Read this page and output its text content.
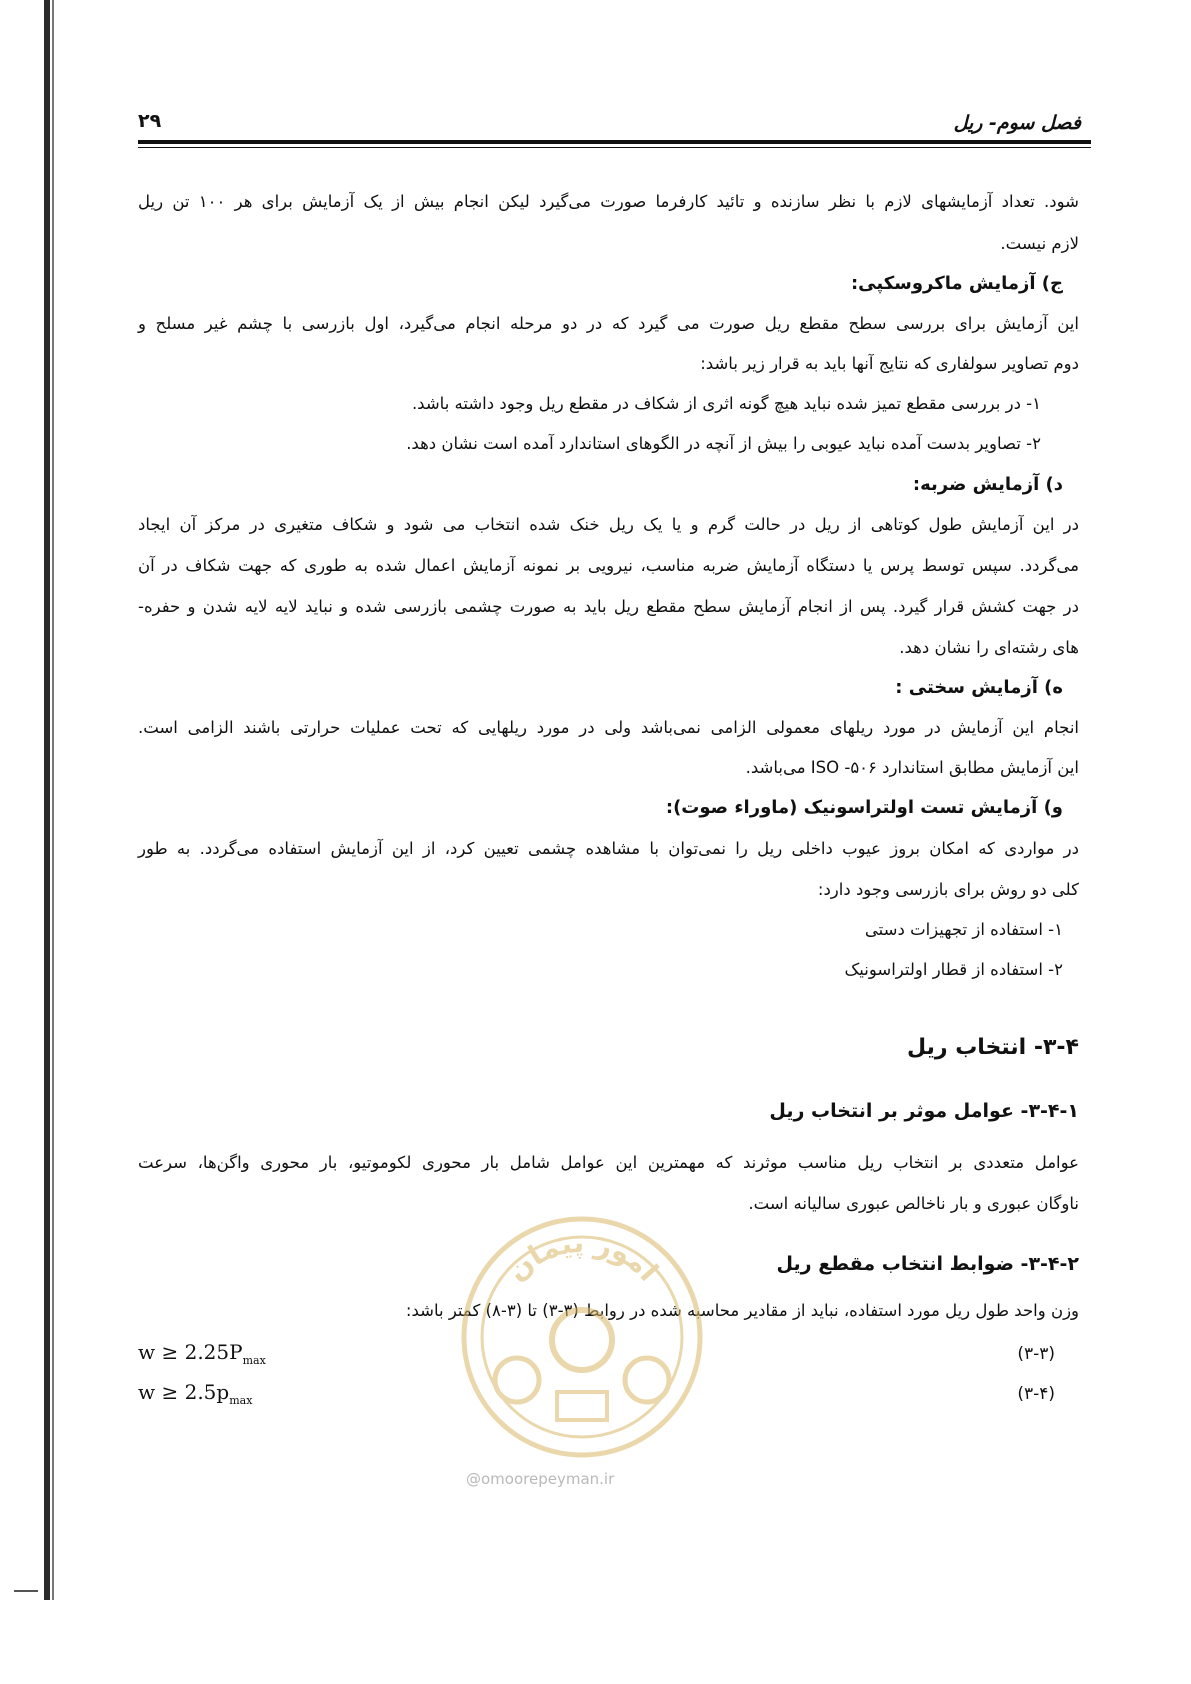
فصل سوم- ریل
۲۹
شود. تعداد آزمایشهای لازم با نظر سازنده و تائید کارفرما صورت می‌گیرد لیکن انجام بیش از یک آزمایش برای هر ۱۰۰ تن ریل
لازم نیست.
ج) آزمایش ماکروسکپی:
این آزمایش برای بررسی سطح مقطع ریل صورت می گیرد که در دو مرحله انجام می‌گیرد، اول بازرسی با چشم غیر مسلح و
دوم تصاویر سولفاری که نتایج آنها باید به قرار زیر باشد:
۱- در بررسی مقطع تمیز شده نباید هیچ گونه اثری از شکاف در مقطع ریل وجود داشته باشد.
۲- تصاویر بدست آمده نباید عیوبی را بیش از آنچه در الگوهای استاندارد آمده است نشان دهد.
د) آزمایش ضربه:
در این آزمایش طول کوتاهی از ریل در حالت گرم و یا یک ریل خنک شده انتخاب می شود و شکاف متغیری در مرکز آن ایجاد
می‌گردد. سپس توسط پرس یا دستگاه آزمایش ضربه مناسب، نیرویی بر نمونه آزمایش اعمال شده به طوری که جهت شکاف در آن
در جهت کشش قرار گیرد. پس از انجام آزمایش سطح مقطع ریل باید به صورت چشمی بازرسی شده و نباید لایه لایه شدن و حفره-
های رشته‌ای را نشان دهد.
ه) آزمایش سختی :
انجام این آزمایش در مورد ریلهای معمولی الزامی نمی‌باشد ولی در مورد ریلهایی که تحت عملیات حرارتی باشند الزامی است.
این آزمایش مطابق استاندارد ۵۰۶- ISO می‌باشد.
و) آزمایش تست اولتراسونیک (ماوراء صوت):
در مواردی که امکان بروز عیوب داخلی ریل را نمی‌توان با مشاهده چشمی تعیین کرد، از این آزمایش استفاده می‌گردد. به طور
کلی دو روش برای بازرسی وجود دارد:
۱- استفاده از تجهیزات دستی
۲- استفاده از قطار اولتراسونیک
۳-۴- انتخاب ریل
۳-۴-۱- عوامل موثر بر انتخاب ریل
عوامل متعددی بر انتخاب ریل مناسب موثرند که مهمترین این عوامل شامل بار محوری لکوموتیو، بار محوری واگن‌ها، سرعت
ناوگان عبوری و بار ناخالص عبوری سالیانه است.
۳-۴-۲- ضوابط انتخاب مقطع ریل
وزن واحد طول ریل مورد استفاده، نباید از مقادیر محاسبه شده در روابط (۳-۳) تا (۳-۸) کمتر باشد:
$w \ge 2.25P_{max}$	(۳-۳)
$w \ge 2.5p_{max}$	(۳-۴)
امور پیمان
@omoorepeyman.ir
